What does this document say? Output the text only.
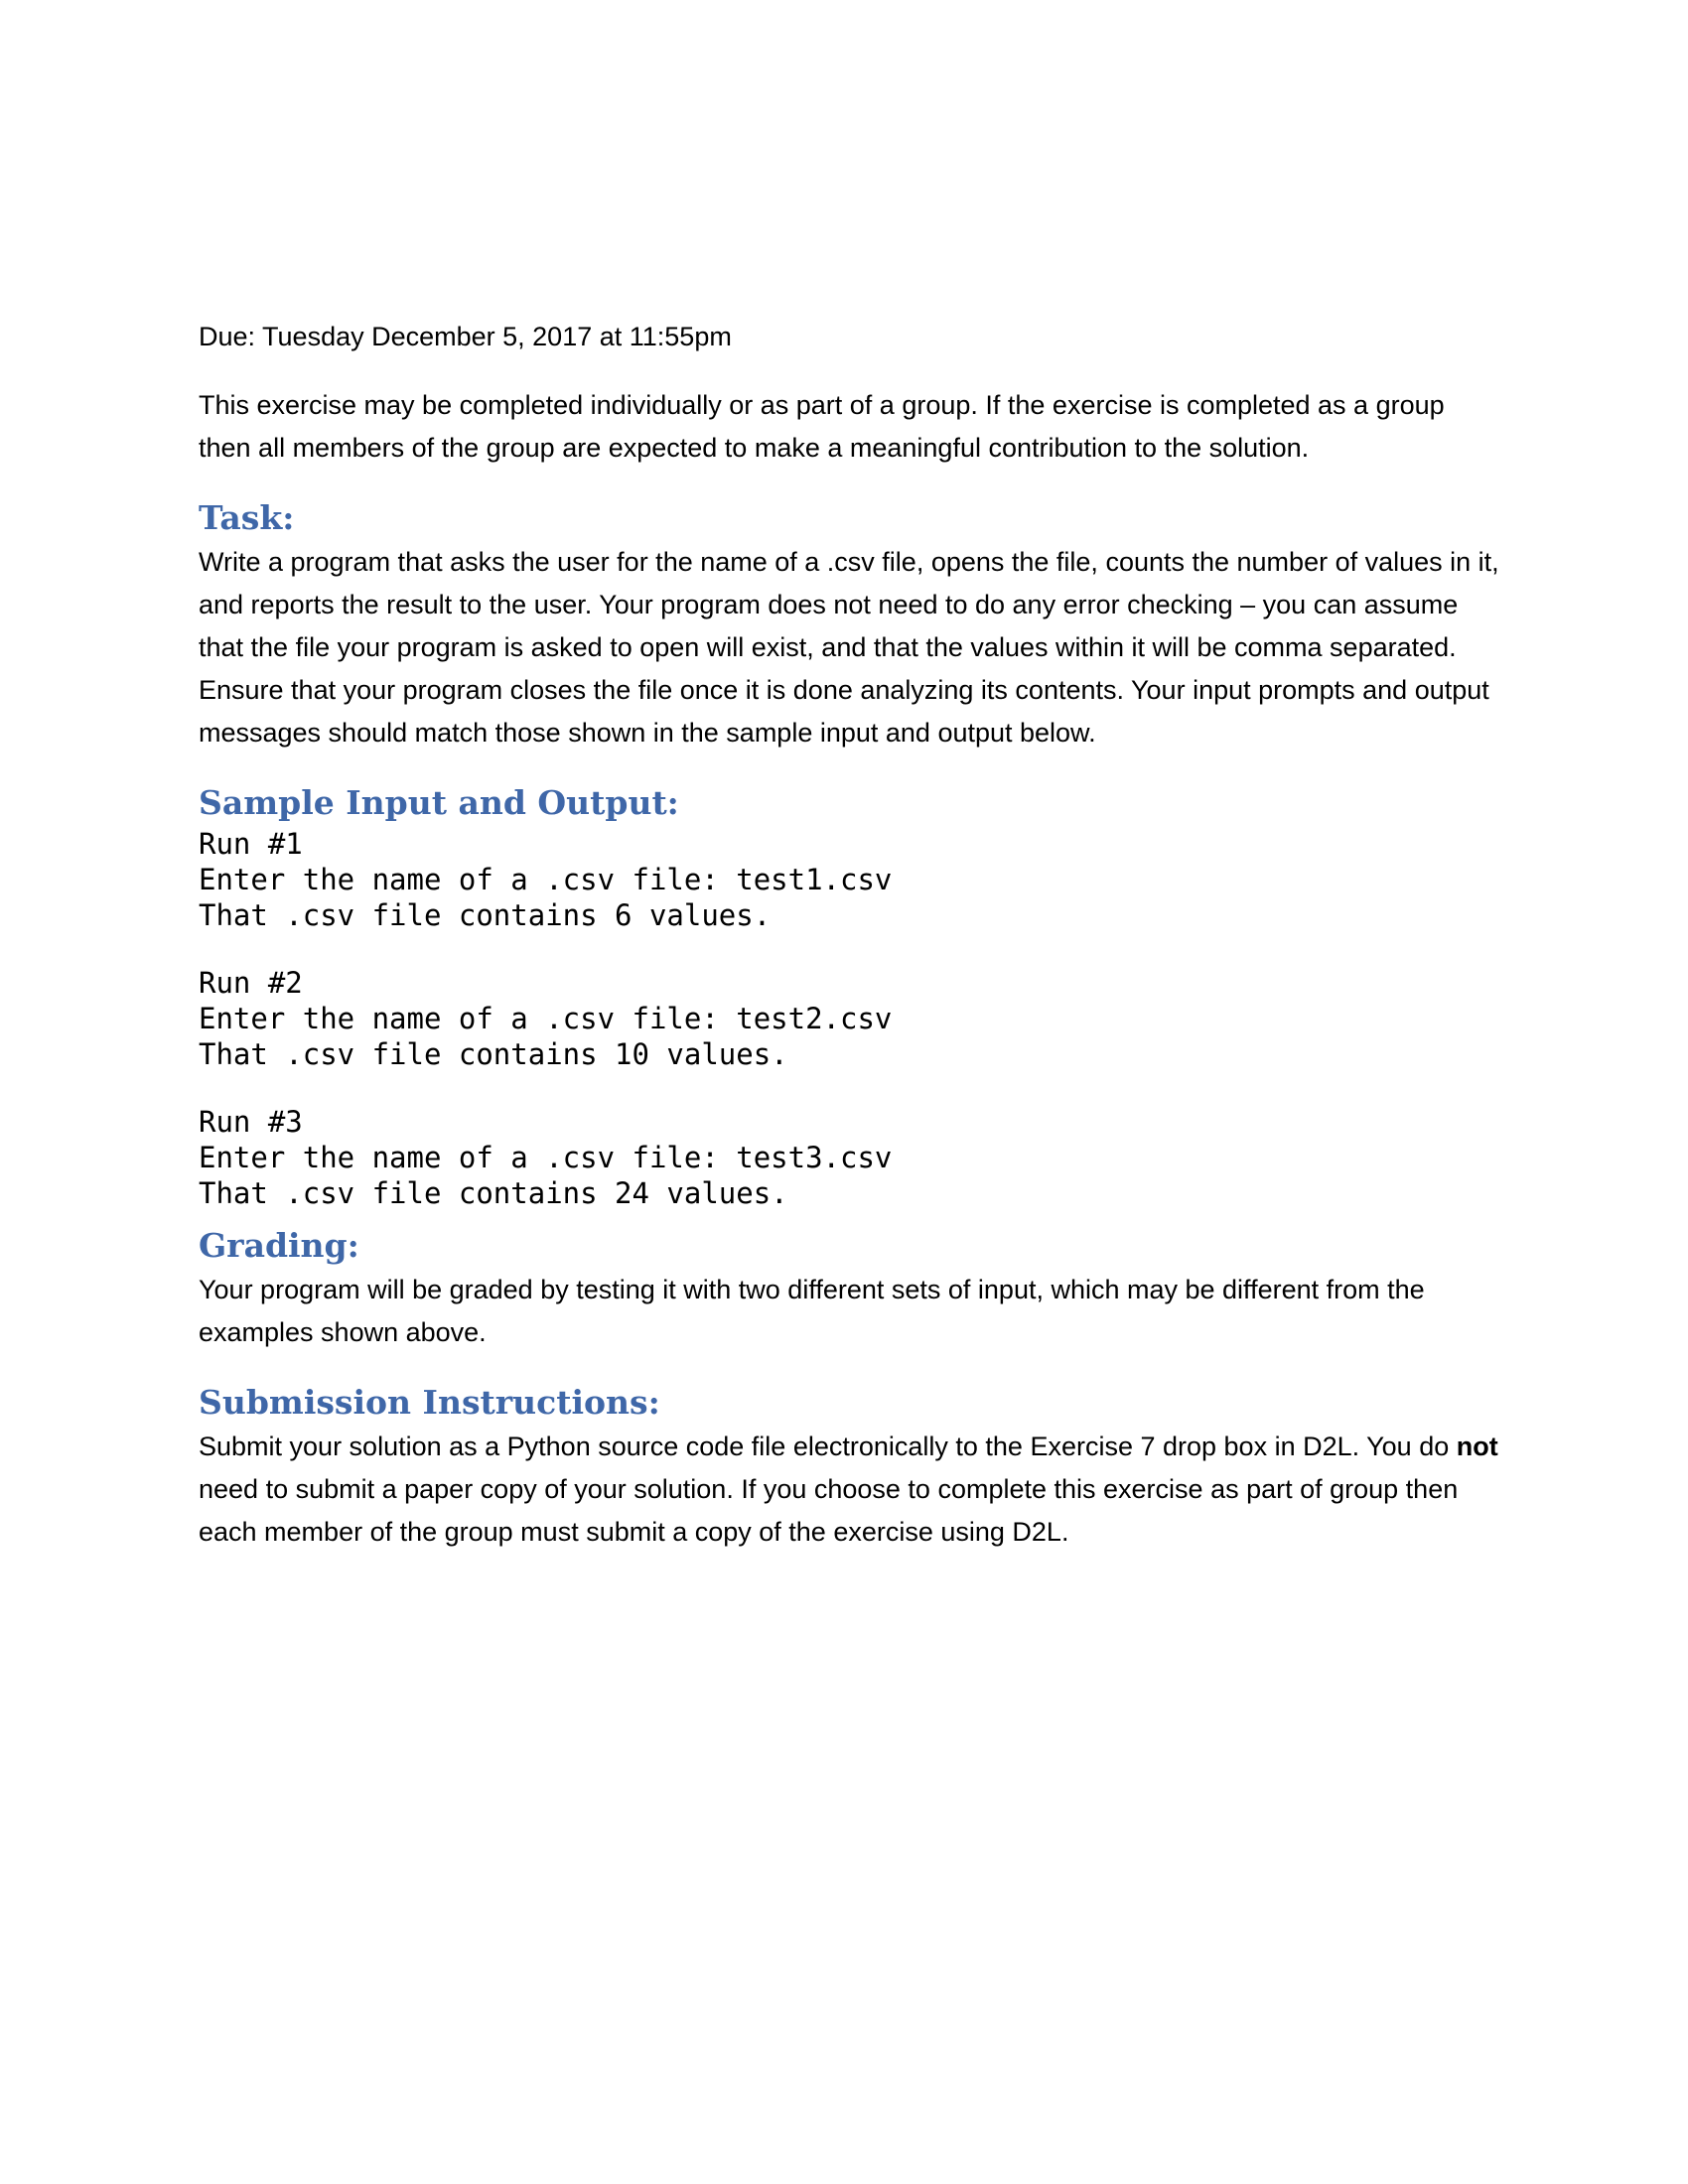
Due: Tuesday December 5, 2017 at 11:55pm

This exercise may be completed individually or as part of a group. If the exercise is completed as a group then all members of the group are expected to make a meaningful contribution to the solution.

Task:

Write a program that asks the user for the name of a .csv file, opens the file, counts the number of values in it, and reports the result to the user. Your program does not need to do any error checking – you can assume that the file your program is asked to open will exist, and that the values within it will be comma separated. Ensure that your program closes the file once it is done analyzing its contents. Your input prompts and output messages should match those shown in the sample input and output below.

Sample Input and Output:
Run #1
Enter the name of a .csv file: test1.csv
That .csv file contains 6 values.
Run #2
Enter the name of a .csv file: test2.csv
That .csv file contains 10 values.
Run #3
Enter the name of a .csv file: test3.csv
That .csv file contains 24 values.
Grading:

Your program will be graded by testing it with two different sets of input, which may be different from the examples shown above.

Submission Instructions:

Submit your solution as a Python source code file electronically to the Exercise 7 drop box in D2L. You do not need to submit a paper copy of your solution. If you choose to complete this exercise as part of group then each member of the group must submit a copy of the exercise using D2L.
